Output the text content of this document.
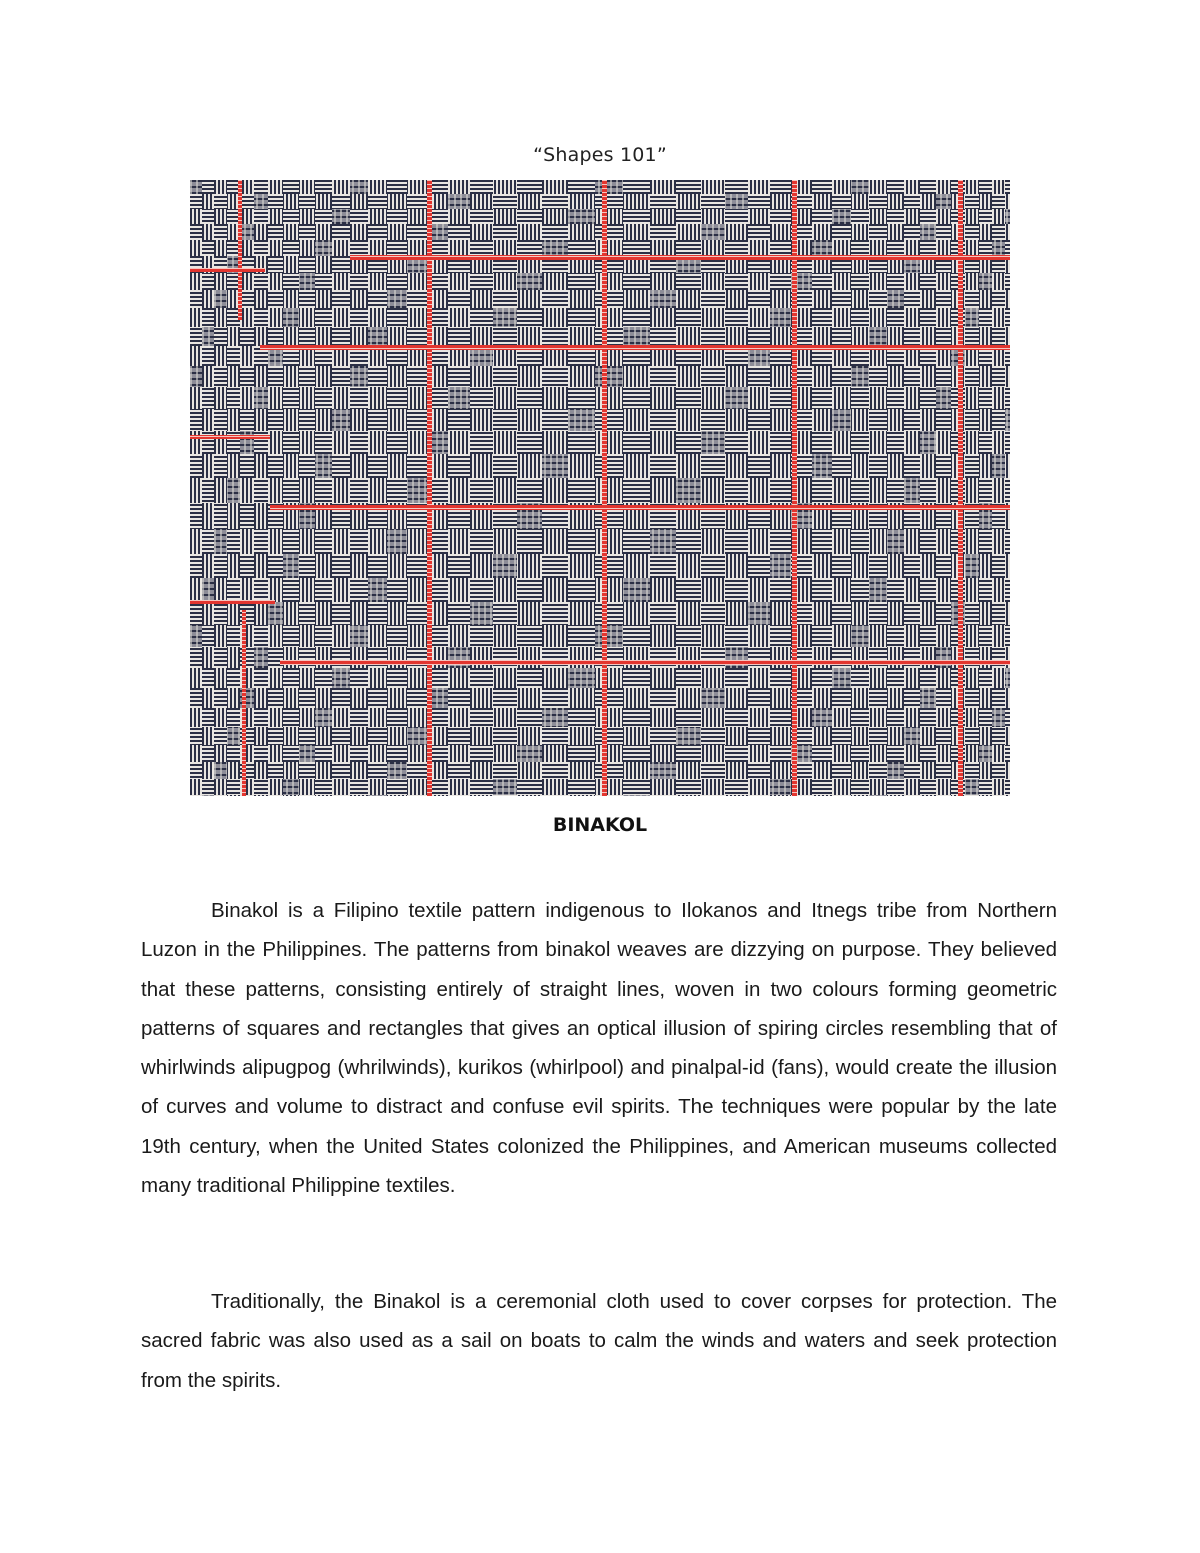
“Shapes 101”
BINAKOL

Binakol is a Filipino textile pattern indigenous to Ilokanos and Itnegs tribe from Northern Luzon in the Philippines. The patterns from binakol weaves are dizzying on purpose. They believed that these patterns, consisting entirely of straight lines, woven in two colours forming geometric patterns of squares and rectangles that gives an optical illusion of spiring circles resembling that of whirlwinds alipugpog (whrilwinds), kurikos (whirlpool) and pinalpal-id (fans), would create the illusion of curves and volume to distract and confuse evil spirits. The techniques were popular by the late 19th century, when the United States colonized the Philippines, and American museums collected many traditional Philippine textiles.

Traditionally, the Binakol is a ceremonial cloth used to cover corpses for protection. The sacred fabric was also used as a sail on boats to calm the winds and waters and seek protection from the spirits.
